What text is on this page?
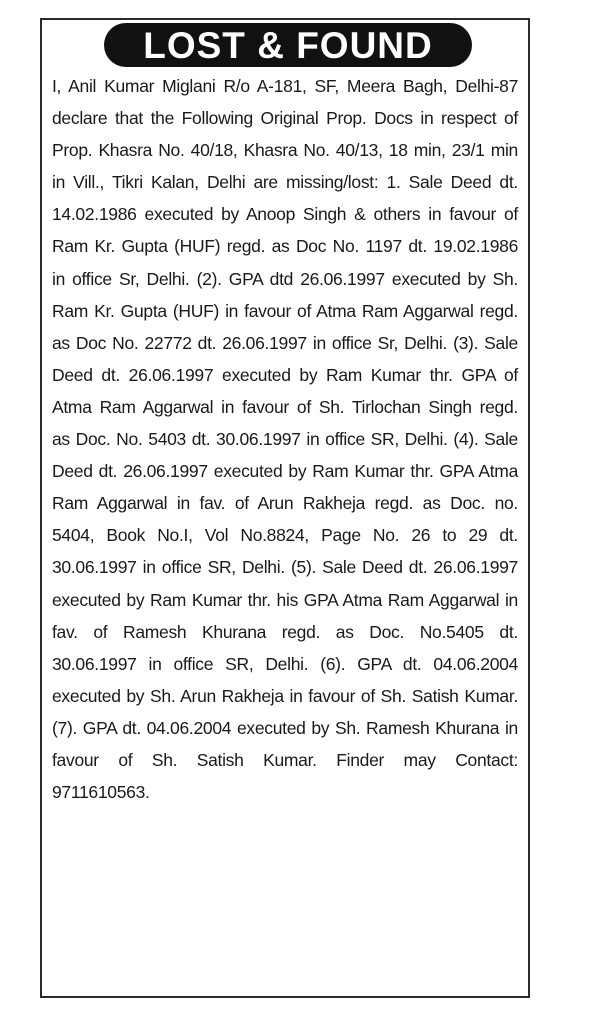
LOST & FOUND
I, Anil Kumar Miglani R/o A-181, SF, Meera Bagh, Delhi-87 declare that the Following Original Prop. Docs in respect of Prop. Khasra No. 40/18, Khasra No. 40/13, 18 min, 23/1 min in Vill., Tikri Kalan, Delhi are missing/lost: 1. Sale Deed dt. 14.02.1986 executed by Anoop Singh & others in favour of Ram Kr. Gupta (HUF) regd. as Doc No. 1197 dt. 19.02.1986 in office Sr, Delhi. (2). GPA dtd 26.06.1997 executed by Sh. Ram Kr. Gupta (HUF) in favour of Atma Ram Aggarwal regd. as Doc No. 22772 dt. 26.06.1997 in office Sr, Delhi. (3). Sale Deed dt. 26.06.1997 executed by Ram Kumar thr. GPA of Atma Ram Aggarwal in favour of Sh. Tirlochan Singh regd. as Doc. No. 5403 dt. 30.06.1997 in office SR, Delhi. (4). Sale Deed dt. 26.06.1997 executed by Ram Kumar thr. GPA Atma Ram Aggarwal in fav. of Arun Rakheja regd. as Doc. no. 5404, Book No.I, Vol No.8824, Page No. 26 to 29 dt. 30.06.1997 in office SR, Delhi. (5). Sale Deed dt. 26.06.1997 executed by Ram Kumar thr. his GPA Atma Ram Aggarwal in fav. of Ramesh Khurana regd. as Doc. No.5405 dt. 30.06.1997 in office SR, Delhi. (6). GPA dt. 04.06.2004 executed by Sh. Arun Rakheja in favour of Sh. Satish Kumar. (7). GPA dt. 04.06.2004 executed by Sh. Ramesh Khurana in favour of Sh. Satish Kumar. Finder may Contact: 9711610563.
